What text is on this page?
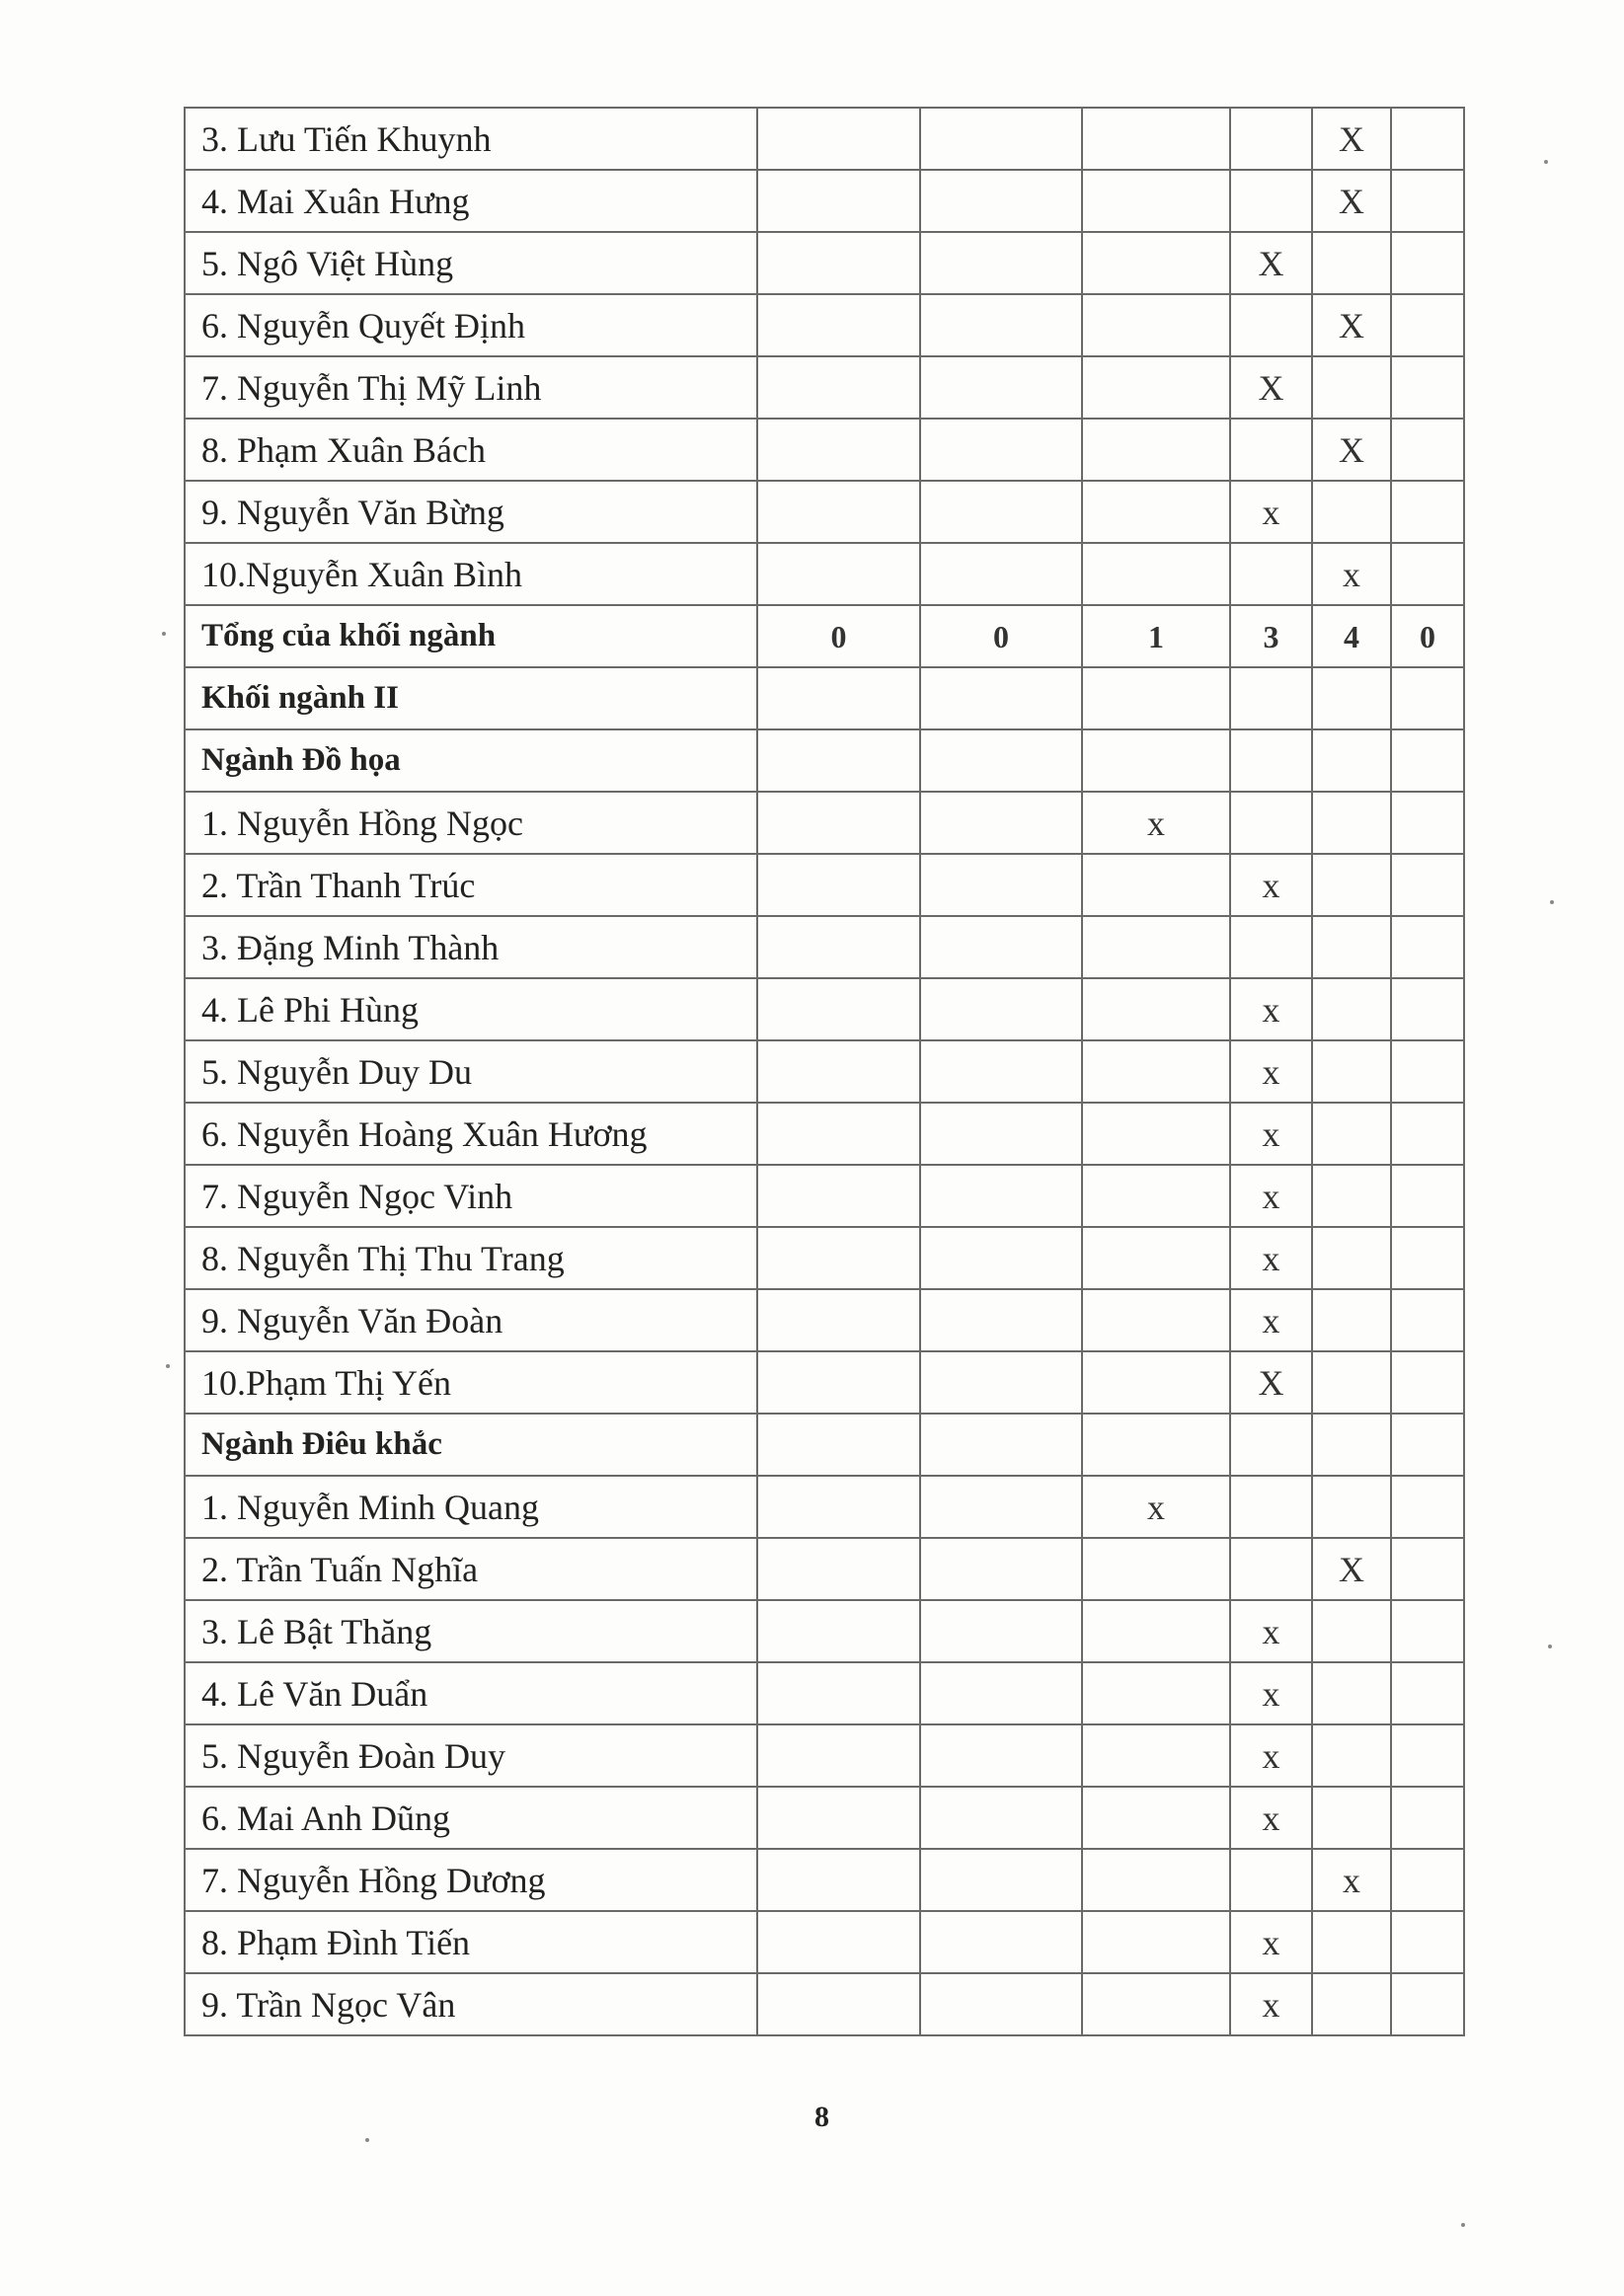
3. Lưu Tiến Khuynh					X	
4. Mai Xuân Hưng					X	
5. Ngô Việt Hùng				X		
6. Nguyễn Quyết Định					X	
7. Nguyễn Thị Mỹ Linh				X		
8. Phạm Xuân Bách					X	
9. Nguyễn Văn Bừng				x		
10.Nguyễn Xuân Bình					x	
Tổng của khối ngành	0	0	1	3	4	0
Khối ngành II						
Ngành Đồ họa						
1. Nguyễn Hồng Ngọc			x			
2. Trần Thanh Trúc				x		
3. Đặng Minh Thành						
4. Lê Phi Hùng				x		
5. Nguyễn Duy Du				x		
6. Nguyễn Hoàng Xuân Hương				x		
7. Nguyễn Ngọc Vinh				x		
8. Nguyễn Thị Thu Trang				x		
9. Nguyễn Văn Đoàn				x		
10.Phạm Thị Yến				X		
Ngành Điêu khắc						
1. Nguyễn Minh Quang			x			
2. Trần Tuấn Nghĩa					X	
3. Lê Bật Thăng				x		
4. Lê Văn Duẩn				x		
5. Nguyễn Đoàn Duy				x		
6. Mai Anh Dũng				x		
7. Nguyễn Hồng Dương					x	
8. Phạm Đình Tiến				x		
9. Trần Ngọc Vân				x		
8
